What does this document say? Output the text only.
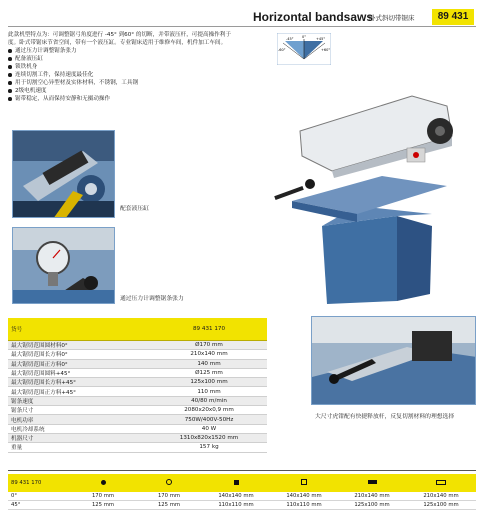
Horizontal bandsaws
卧式斜切带锯床	89 431

此款机型特点为：可调整锯弓角度进行 -45° 到60° 的切断，并带液压杆，可提高操作利于度。卧式带锯床节省空间，带有一个液压缸。专业锯床适用于维修车间，机件加工车间。

通过压力计调整锯条张力
配备液压缸
锁铁机身
连续切割工件，保持速度最佳化
用于切割空心异型材及实体材料，不锈钢，工具钢
2级电机速度
锯带稳定，从而保持安静和无摄动操作
配套液压缸
通过压力计调整锯条张力
-45° 0°
-60°
+45°
+60°
大尺寸虎钳配有快捷释放杆，反复切割材料的理想选择
货号	89 431 170
最大锯切范围圆材料0°	Ø170 mm
最大锯切范围长方料0°	210x140 mm
最大锯切范围正方料0°	140 mm
最大锯切范围圆料+45°	Ø125 mm
最大锯切范围长方料+45°	125x100 mm
最大锯切范围正方料+45°	110 mm
锯条速度	40/80 m/min
锯条尺寸	2080x20x0,9 mm
电机功率	750W/400V-50Hz
电机冷却系统	40 W
机器尺寸	1310x820x1520 mm
重量	157 kg
89 431 170						
0°	170 mm	170 mm	140x140 mm	140x140 mm	210x140 mm	210x140 mm
45°	125 mm	125 mm	110x110 mm	110x110 mm	125x100 mm	125x100 mm
